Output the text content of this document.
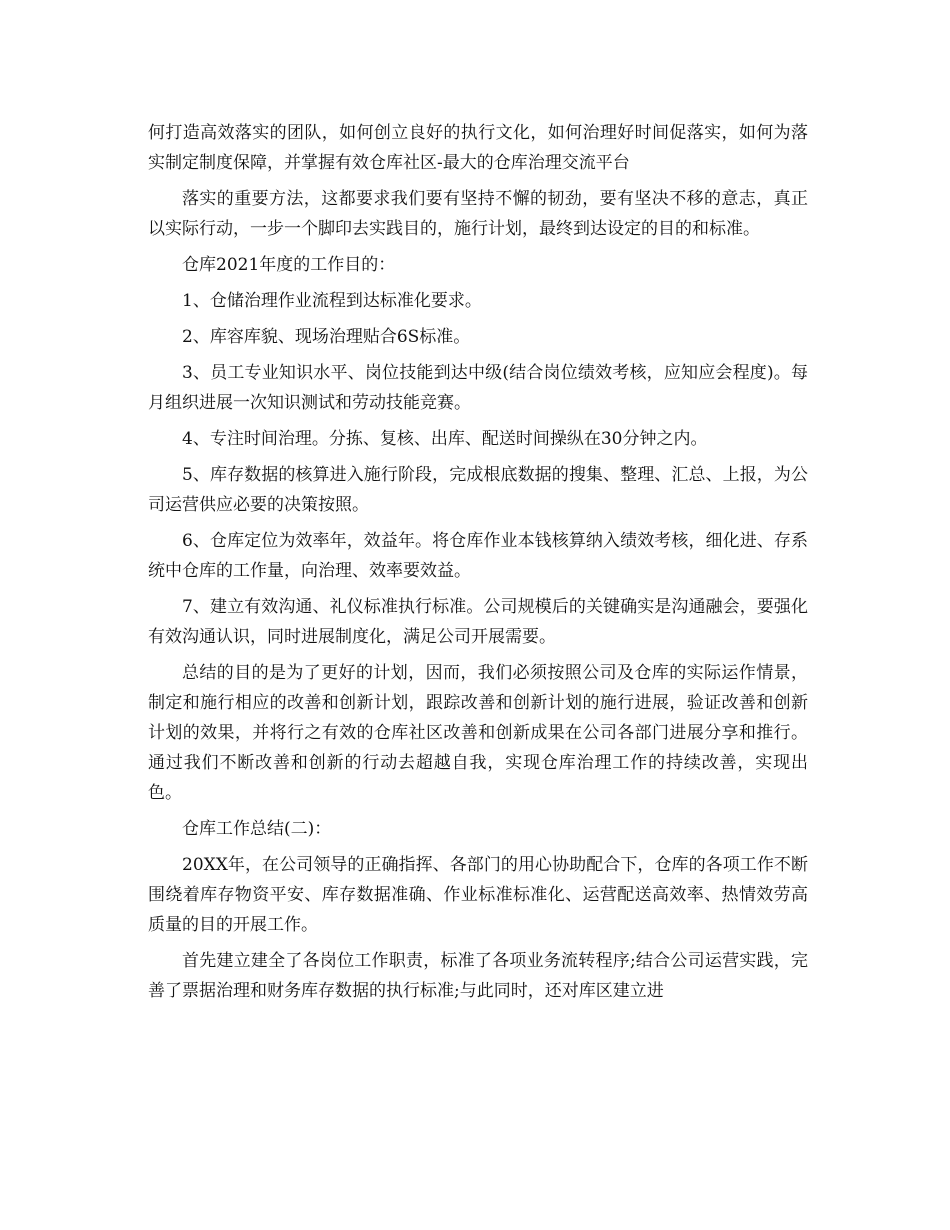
何打造高效落实的团队，如何创立良好的执行文化，如何治理好时间促落实，如何为落实制定制度保障，并掌握有效仓库社区-最大的仓库治理交流平台

落实的重要方法，这都要求我们要有坚持不懈的韧劲，要有坚决不移的意志，真正以实际行动，一步一个脚印去实践目的，施行计划，最终到达设定的目的和标准。

仓库2021年度的工作目的：

1、仓储治理作业流程到达标准化要求。

2、库容库貌、现场治理贴合6S标准。

3、员工专业知识水平、岗位技能到达中级(结合岗位绩效考核，应知应会程度)。每月组织进展一次知识测试和劳动技能竞赛。

4、专注时间治理。分拣、复核、出库、配送时间操纵在30分钟之内。

5、库存数据的核算进入施行阶段，完成根底数据的搜集、整理、汇总、上报，为公司运营供应必要的决策按照。

6、仓库定位为效率年，效益年。将仓库作业本钱核算纳入绩效考核，细化进、存系统中仓库的工作量，向治理、效率要效益。

7、建立有效沟通、礼仪标准执行标准。公司规模后的关键确实是沟通融会，要强化有效沟通认识，同时进展制度化，满足公司开展需要。

总结的目的是为了更好的计划，因而，我们必须按照公司及仓库的实际运作情景，制定和施行相应的改善和创新计划，跟踪改善和创新计划的施行进展，验证改善和创新计划的效果，并将行之有效的仓库社区改善和创新成果在公司各部门进展分享和推行。通过我们不断改善和创新的行动去超越自我，实现仓库治理工作的持续改善，实现出色。

仓库工作总结(二)：

20XX年，在公司领导的正确指挥、各部门的用心协助配合下，仓库的各项工作不断围绕着库存物资平安、库存数据准确、作业标准标准化、运营配送高效率、热情效劳高质量的目的开展工作。

首先建立建全了各岗位工作职责，标准了各项业务流转程序;结合公司运营实践，完善了票据治理和财务库存数据的执行标准;与此同时，还对库区建立进
